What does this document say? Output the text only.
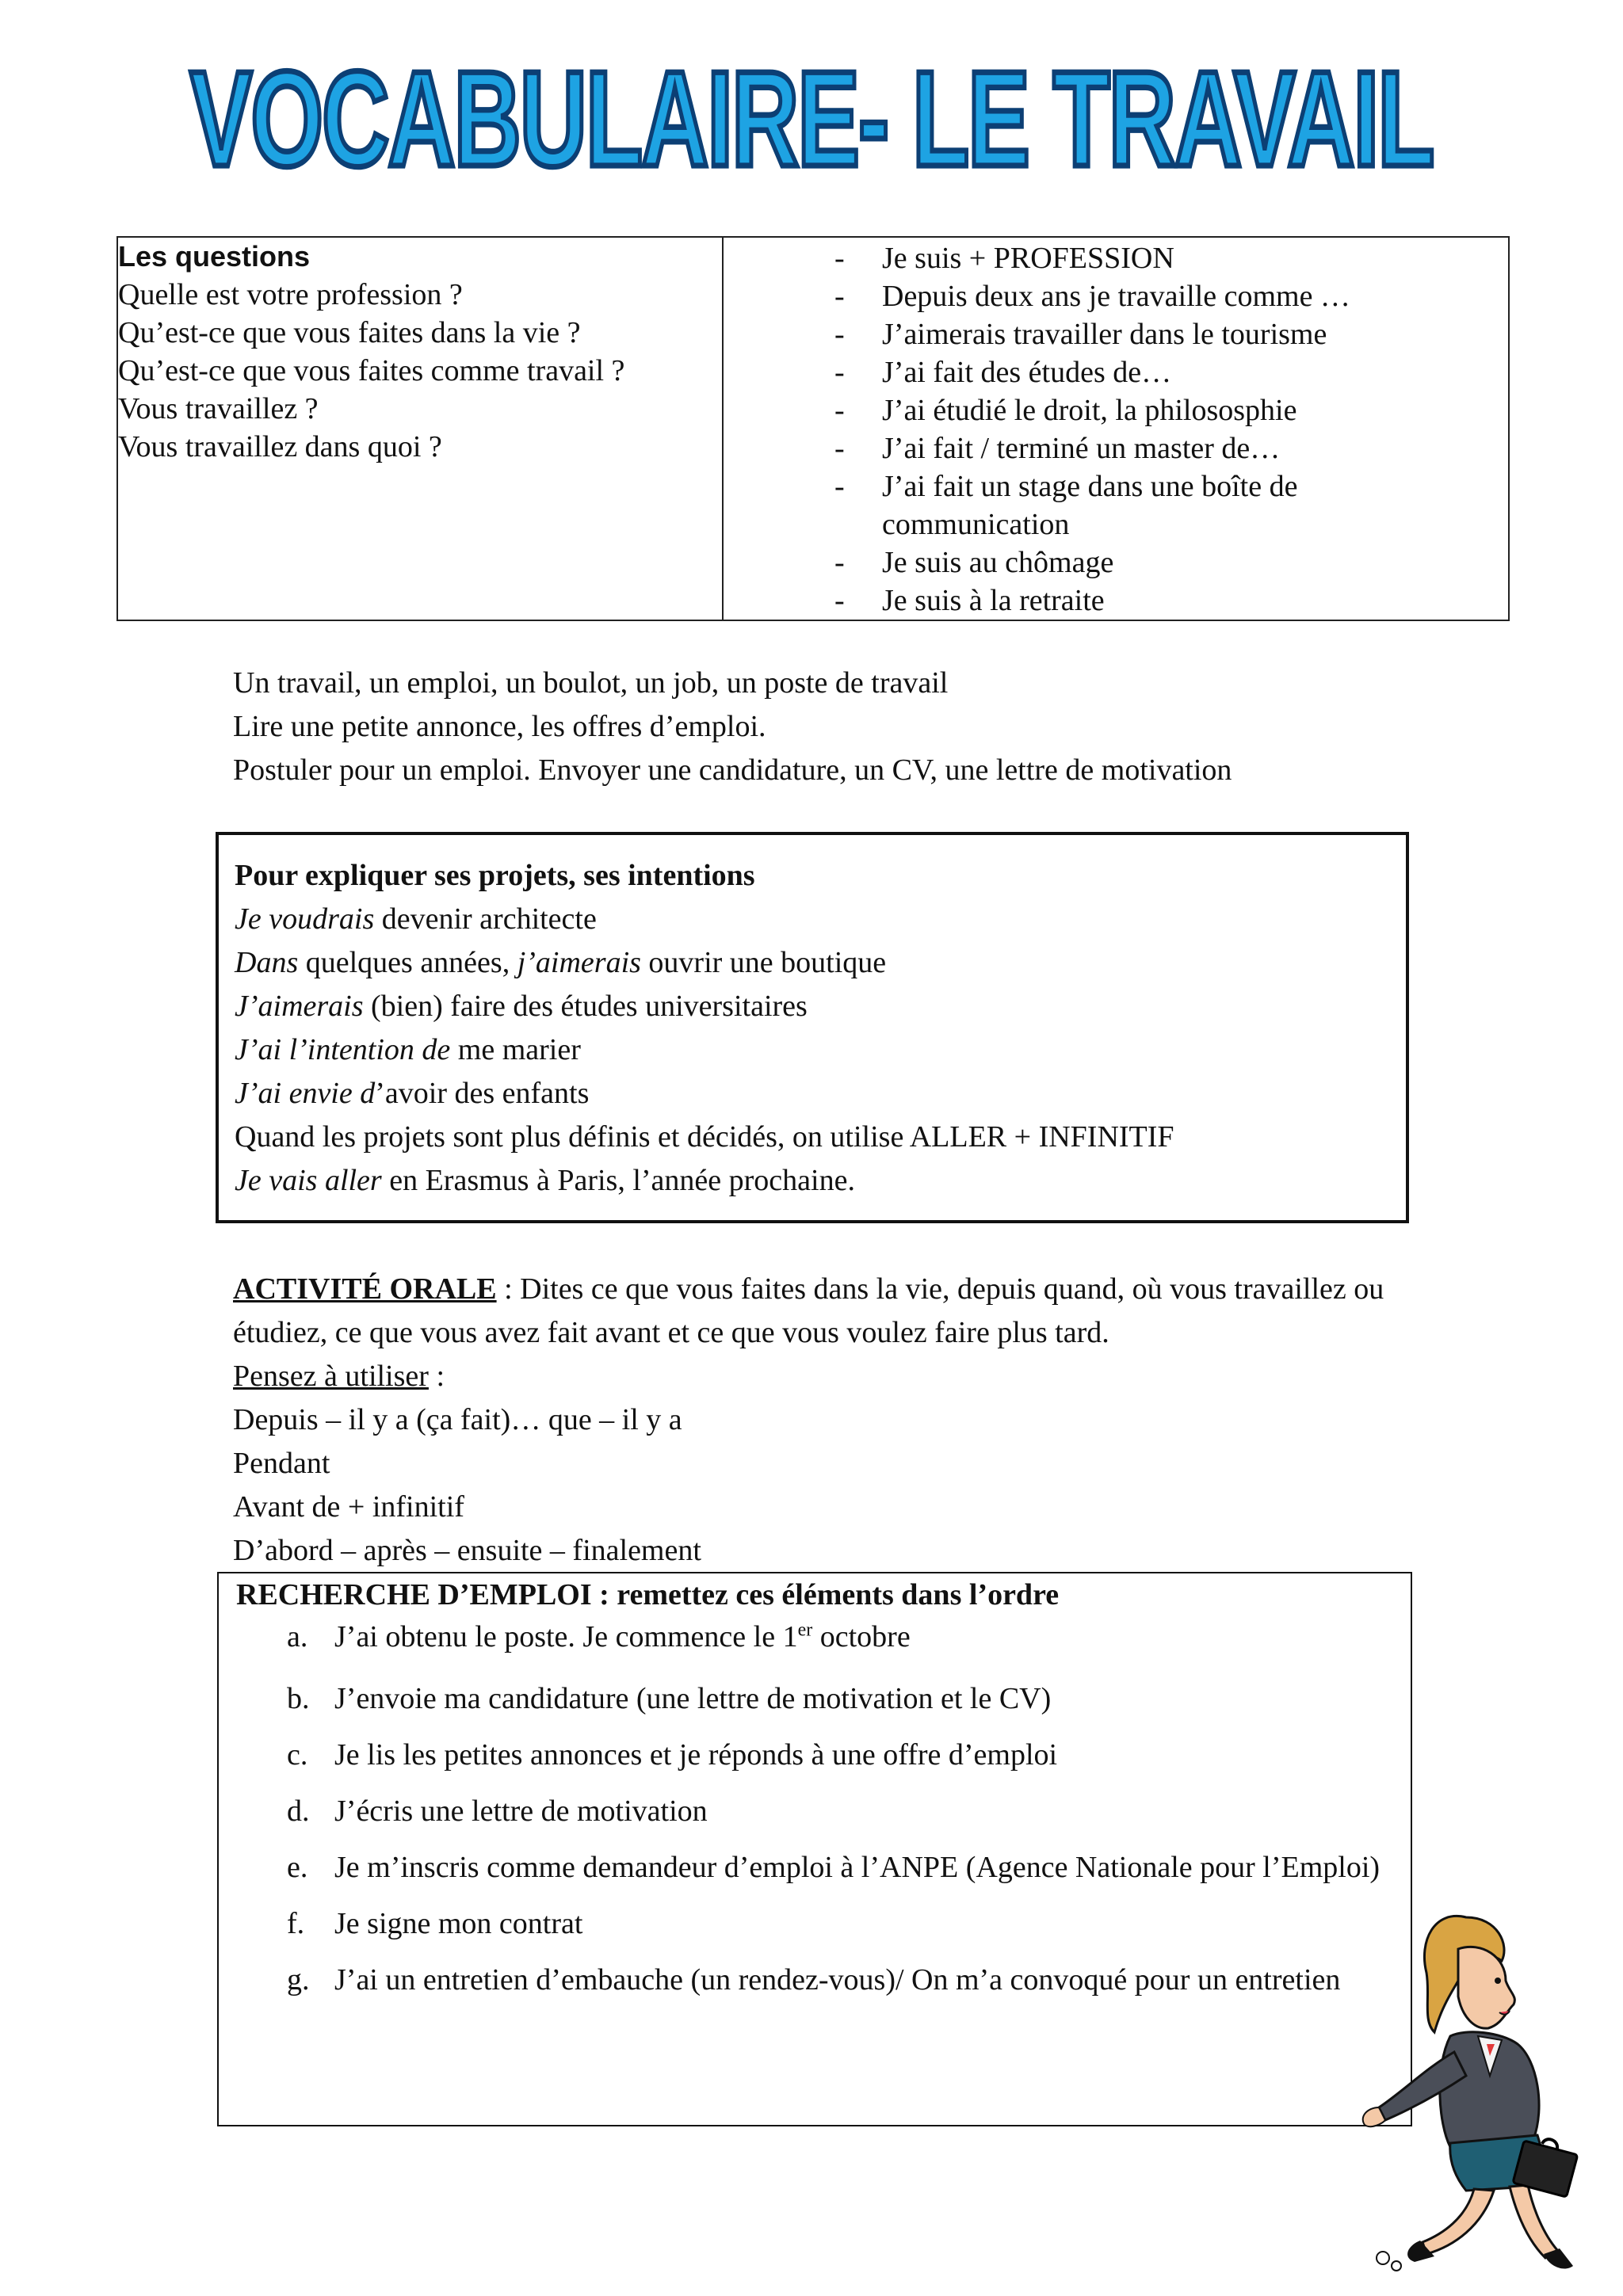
VOCABULAIRE- LE TRAVAIL
Les questions
Quelle est votre profession ?
Qu’est-ce que vous faites dans la vie ?
Qu’est-ce que vous faites comme travail ?
Vous travaillez ?
Vous travaillez dans quoi ?

- Je suis + PROFESSION
- Depuis deux ans je travaille comme …
- J’aimerais travailler dans le tourisme
- J’ai fait des études de…
- J’ai étudié le droit, la philososphie
- J’ai fait / terminé un master de…
- J’ai fait un stage dans une boîte de communication
- Je suis au chômage
- Je suis à la retraite
Un travail, un emploi, un boulot, un job, un poste de travail
Lire une petite annonce, les offres d’emploi.
Postuler pour un emploi. Envoyer une candidature, un CV, une lettre de motivation
Pour expliquer ses projets, ses intentions
Je voudrais devenir architecte
Dans quelques années, j’aimerais ouvrir une boutique
J’aimerais (bien) faire des études universitaires
J’ai l’intention de me marier
J’ai envie d’avoir des enfants
Quand les projets sont plus définis et décidés, on utilise ALLER + INFINITIF
Je vais aller en Erasmus à Paris, l’année prochaine.
ACTIVITÉ ORALE : Dites ce que vous faites dans la vie, depuis quand, où vous travaillez ou étudiez, ce que vous avez fait avant et ce que vous voulez faire plus tard.
Pensez à utiliser :
Depuis – il y a (ça fait)… que – il y a
Pendant
Avant de + infinitif
D’abord – après – ensuite – finalement
RECHERCHE D’EMPLOI : remettez ces éléments dans l’ordre
a. J’ai obtenu le poste. Je commence le 1er octobre
b. J’envoie ma candidature (une lettre de motivation et le CV)
c. Je lis les petites annonces et je réponds à une offre d’emploi
d. J’écris une lettre de motivation
e. Je m’inscris comme demandeur d’emploi à l’ANPE (Agence Nationale pour l’Emploi)
f. Je signe mon contrat
g. J’ai un entretien d’embauche (un rendez-vous)/ On m’a convoqué pour un entretien
